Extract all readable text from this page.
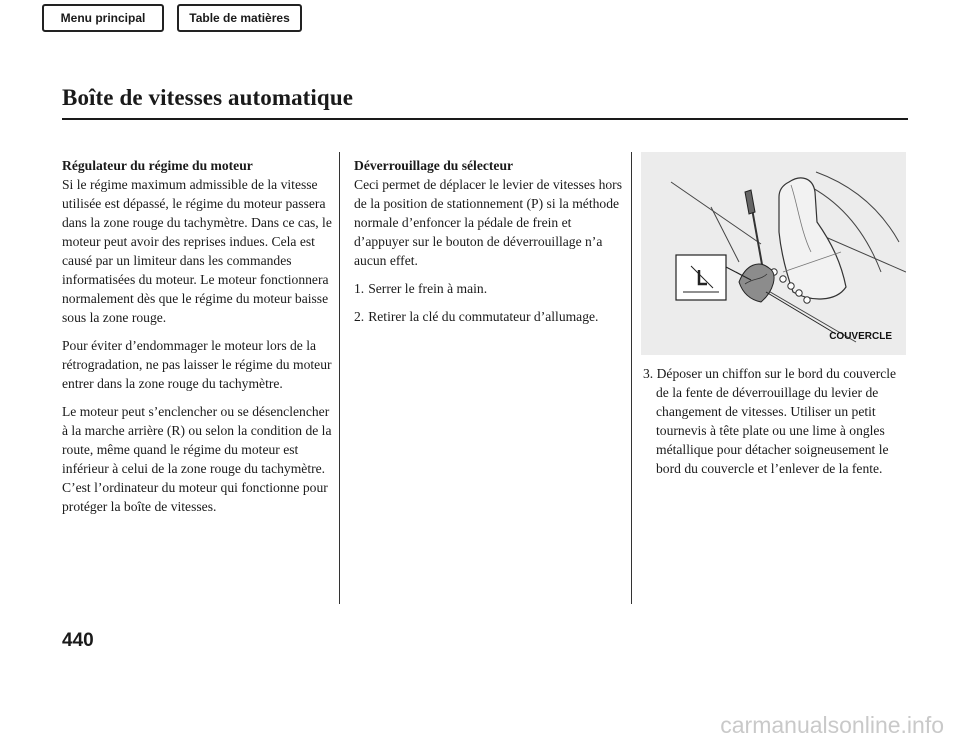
Menu principal	Table de matières
Boîte de vitesses automatique
Régulateur du régime du moteur

Si le régime maximum admissible de la vitesse utilisée est dépassé, le régime du moteur passera dans la zone rouge du tachymètre. Dans ce cas, le moteur peut avoir des reprises indues. Cela est causé par un limiteur dans les commandes informatisées du moteur. Le moteur fonctionnera normalement dès que le régime du moteur baisse sous la zone rouge.

Pour éviter d’endommager le moteur lors de la rétrogradation, ne pas laisser le régime du moteur entrer dans la zone rouge du tachymètre.

Le moteur peut s’enclencher ou se désenclencher à la marche arrière (R) ou selon la condition de la route, même quand le régime du moteur est inférieur à celui de la zone rouge du tachymètre. C’est l’ordinateur du moteur qui fonctionne pour protéger la boîte de vitesses.

Déverrouillage du sélecteur

Ceci permet de déplacer le levier de vitesses hors de la position de stationnement (P) si la méthode normale d’enfoncer la pédale de frein et d’appuyer sur le bouton de déverrouillage n’a aucun effet.

1. Serrer le frein à main.
2. Retirer la clé du commutateur d’allumage.
COUVERCLE
3. Déposer un chiffon sur le bord du couvercle de la fente de déverrouillage du levier de changement de vitesses. Utiliser un petit tournevis à tête plate ou une lime à ongles métallique pour détacher soigneusement le bord du couvercle et l’enlever de la fente.
440
carmanualsonline.info
